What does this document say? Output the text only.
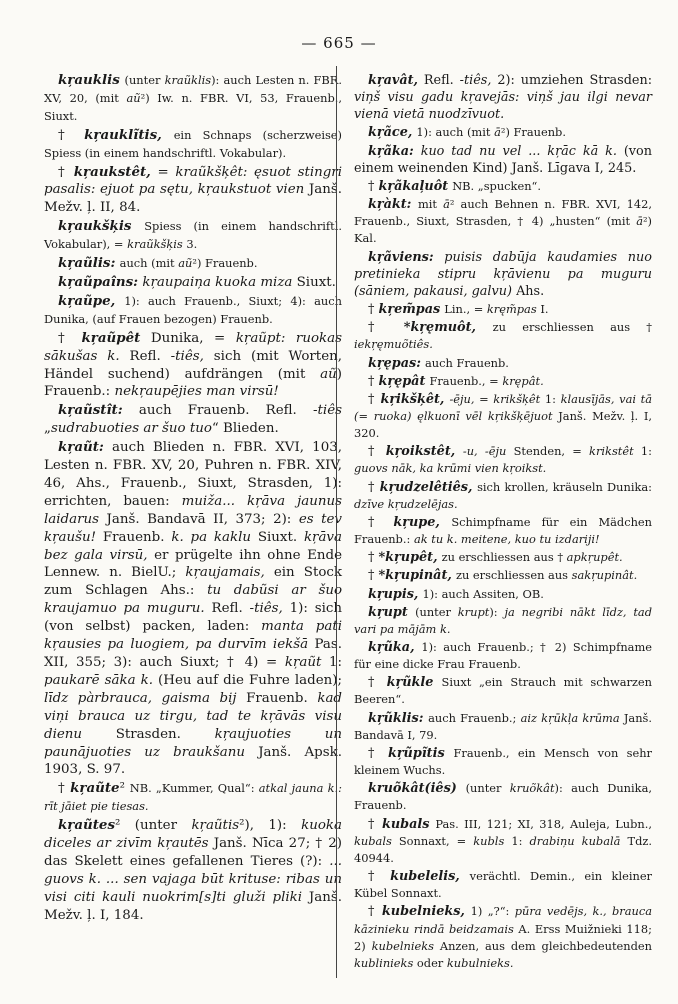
— 665 —
kŗauklis (unter kraũklis): auch Lesten n. FBR. XV, 20, (mit aũ²) Iw. n. FBR. VI, 53, Frauenb., Siuxt.
† kŗauklĩtis, ein Schnaps (scherzweise) Spiess (in einem handschriftl. Vokabular).
† kŗaukstêt, = kraũkšķêt: ęsuot stingri pasalis: ejuot pa sętu, kŗaukstuot vien Janš. Mežv. ļ. II, 84.
kŗaukšķis Spiess (in einem handschriftl. Vokabular), = kraũkšķis 3.
kŗaũlis: auch (mit aũ²) Frauenb.
kŗaũpaîns: kŗaupaiņa kuoka miza Siuxt.
kŗaũpe, 1): auch Frauenb., Siuxt; 4): auch Dunika, (auf Frauen bezogen) Frauenb.
† kŗaũpêt Dunika, = kŗaũpt: ruokas sākušas k. Refl. -tiês, sich (mit Worten, Händel suchend) aufdrängen (mit aũ) Frauenb.: nekŗaupējies man virsū!
kŗaũstît: auch Frauenb. Refl. -tiês „sudrabuoties ar šuo tuo“ Blieden.
kŗaũt: auch Blieden n. FBR. XVI, 103, Lesten n. FBR. XV, 20, Puhren n. FBR. XIV, 46, Ahs., Frauenb., Siuxt, Strasden, 1): errichten, bauen: muiža... kŗāva jaunus laidarus Janš. Bandavā II, 373; 2): es tev kŗaušu! Frauenb. k. pa kaklu Siuxt. kŗāva bez gala virsū, er prügelte ihn ohne Ende Lennew. n. BielU.; kŗaujamais, ein Stock zum Schlagen Ahs.: tu dabũsi ar šuo kraujamuo pa muguru. Refl. -tiês, 1): sich (von selbst) packen, laden: manta pati kŗausies pa luogiem, pa durvīm iekšā Pas. XII, 355; 3): auch Siuxt; † 4) = kŗaũt 1: paukarē sāka k. (Heu auf die Fuhre laden); līdz pàrbrauca, gaisma bij Frauenb. kad viņi brauca uz tirgu, tad te kŗāvās visu dienu Strasden. kŗaujuoties un paunājuoties uz braukšanu Janš. Apsk. 1903, S. 97.
† kŗaũte² NB. „Kummer, Qual“: atkal jauna k.: rīt jāiet pie tiesas.
kŗaũtes² (unter kŗaũtis²), 1): kuoka diceles ar zivīm kŗautēs Janš. Nīca 27; † 2) das Skelett eines gefallenen Tieres (?): ... guovs k. ... sen vajaga būt krituse: ribas un visi citi kauli nuokrim[s]ti gluži pliki Janš. Mežv. ļ. I, 184.
kŗavât, Refl. -tiês, 2): umziehen Strasden: viņš visu gadu kŗavejās: viņš jau ilgi nevar vienā vietā nuodzīvuot.
kŗãce, 1): auch (mit ā²) Frauenb.
kŗãka: kuo tad nu vel ... kŗāc kā k. (von einem weinenden Kind) Janš. Līgava I, 245.
† kŗãkaļuôt NB. „spucken“.
kŗàkt: mit ā² auch Behnen n. FBR. XVI, 142, Frauenb., Siuxt, Strasden, † 4) „husten“ (mit ā²) Kal.
kŗãviens: puisis dabūja kaudamies nuo pretinieka stipru kŗāvienu pa muguru (sāniem, pakausi, galvu) Ahs.
† kŗem̃pas Lin., = kręm̃pas I.
† *kŗęmuôt, zu erschliessen aus † iekŗęmuõtiês.
kŗępas: auch Frauenb.
† kŗępât Frauenb., = krępât.
† kŗikšķêt, -ēju, = krikšķêt 1: klausījās, vai tā (= ruoka) ęlkuonī vēl kŗikšķējuot Janš. Mežv. ļ. I, 320.
† kŗoikstêt, -u, -ēju Stenden, = krikstêt 1: guovs nāk, ka krūmi vien kŗoikst.
† kŗudzelêtiês, sich krollen, kräuseln Dunika: dzīve kŗudzelējas.
† kŗupe, Schimpfname für ein Mädchen Frauenb.: ak tu k. meitene, kuo tu izdariji!
† *kŗupêt, zu erschliessen aus † apkŗupêt.
† *kŗupinât, zu erschliessen aus sakŗupinât.
kŗupis, 1): auch Assiten, OB.
kŗupt (unter krupt): ja negribi nākt līdz, tad vari pa mājām k.
kŗũka, 1): auch Frauenb.; † 2) Schimpfname für eine dicke Frau Frauenb.
† kŗũkle Siuxt „ein Strauch mit schwarzen Beeren“.
kŗũklis: auch Frauenb.; aiz kŗūkļa krūma Janš. Bandavā I, 79.
† kŗũpĩtis Frauenb., ein Mensch von sehr kleinem Wuchs.
kruõkât(iês) (unter kruõkât): auch Dunika, Frauenb.
† kubals Pas. III, 121; XI, 318, Auleja, Lubn., kubals Sonnaxt, = kubls 1: drabiņu kubalā Tdz. 40944.
† kubelelis, verächtl. Demin., ein kleiner Kübel Sonnaxt.
† kubelnieks, 1) „?“: pūra vedējs, k., brauca kāzinieku rindā beidzamais A. Erss Muižnieki 118; 2) kubelnieks Anzen, aus dem gleichbedeutenden kublinieks oder kubulnieks.
